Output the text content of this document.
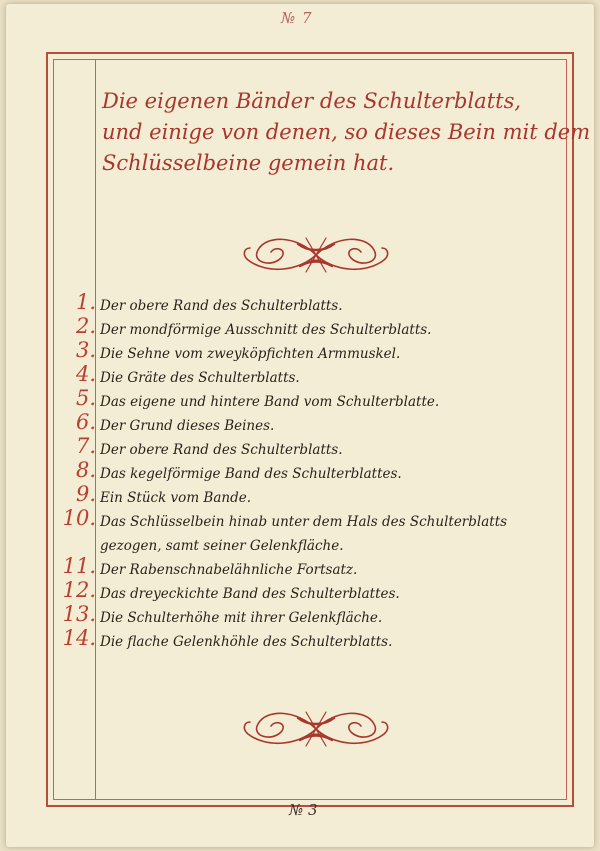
№ 7
Die eigenen Bänder des Schulterblatts,
und einige von denen, so dieses Bein mit dem
Schlüsselbeine gemein hat.
1. Der obere Rand des Schulterblatts.
2. Der mondförmige Ausschnitt des Schulterblatts.
3. Die Sehne vom zweyköpfichten Armmuskel.
4. Die Gräte des Schulterblatts.
5. Das eigene und hintere Band vom Schulterblatte.
6. Der Grund dieses Beines.
7. Der obere Rand des Schulterblatts.
8. Das kegelförmige Band des Schulterblattes.
9. Ein Stück vom Bande.
10. Das Schlüsselbein hinab unter dem Hals des Schulterblatts gezogen, samt seiner Gelenkfläche.
11. Der Rabenschnabelähnliche Fortsatz.
12. Das dreyeckichte Band des Schulterblattes.
13. Die Schulterhöhe mit ihrer Gelenkfläche.
14. Die flache Gelenkhöhle des Schulterblatts.
№ 3
